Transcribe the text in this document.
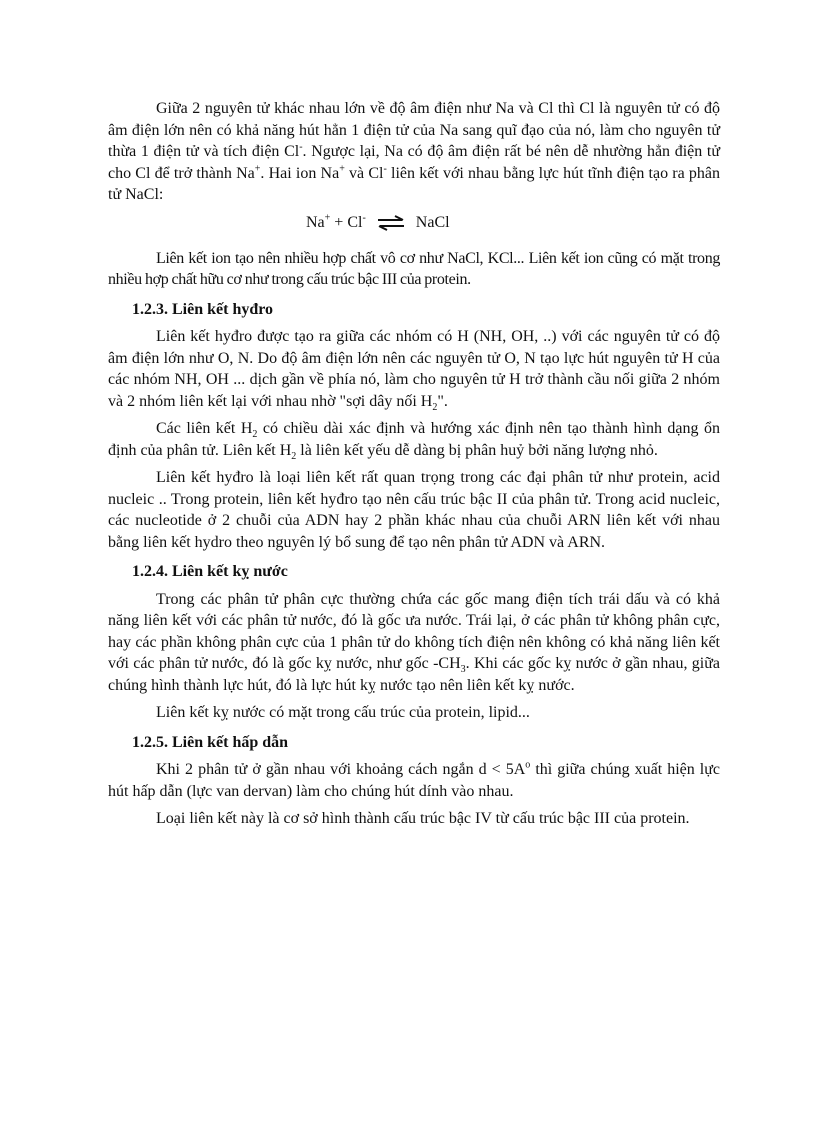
Giữa 2 nguyên tử khác nhau lớn về độ âm điện như Na và Cl thì Cl là nguyên tử có độ âm điện lớn nên có khả năng hút hẳn 1 điện tử của Na sang quĩ đạo của nó, làm cho nguyên tử thừa 1 điện tử và tích điện Cl-. Ngược lại, Na có độ âm điện rất bé nên dễ nhường hẳn điện tử cho Cl để trở thành Na+. Hai ion Na+ và Cl- liên kết với nhau bằng lực hút tĩnh điện tạo ra phân tử NaCl:

Na+ + Cl- ⇌ NaCl

Liên kết ion tạo nên nhiều hợp chất vô cơ như NaCl, KCl... Liên kết ion cũng có mặt trong nhiều hợp chất hữu cơ như trong cấu trúc bậc III của protein.

1.2.3. Liên kết hyđro

Liên kết hyđro được tạo ra giữa các nhóm có H (NH, OH, ..) với các nguyên tử có độ âm điện lớn như O, N. Do độ âm điện lớn nên các nguyên tử O, N tạo lực hút nguyên tử H của các nhóm NH, OH ... dịch gần về phía nó, làm cho nguyên tử H trở thành cầu nối giữa 2 nhóm và 2 nhóm liên kết lại với nhau nhờ "sợi dây nối $H_2$".

Các liên kết $H_2$ có chiều dài xác định và hướng xác định nên tạo thành hình dạng ổn định của phân tử. Liên kết $H_2$ là liên kết yếu dễ dàng bị phân huỷ bởi năng lượng nhỏ.

Liên kết hyđro là loại liên kết rất quan trọng trong các đại phân tử như protein, acid nucleic .. Trong protein, liên kết hyđro tạo nên cấu trúc bậc II của phân tử. Trong acid nucleic, các nucleotide ở 2 chuỗi của ADN hay 2 phần khác nhau của chuỗi ARN liên kết với nhau bằng liên kết hydro theo nguyên lý bổ sung để tạo nên phân tử ADN và ARN.

1.2.4. Liên kết kỵ nước

Trong các phân tử phân cực thường chứa các gốc mang điện tích trái dấu và có khả năng liên kết với các phân tử nước, đó là gốc ưa nước. Trái lại, ở các phân tử không phân cực, hay các phần không phân cực của 1 phân tử do không tích điện nên không có khả năng liên kết với các phân tử nước, đó là gốc kỵ nước, như gốc $-CH_3$. Khi các gốc kỵ nước ở gần nhau, giữa chúng hình thành lực hút, đó là lực hút kỵ nước tạo nên liên kết kỵ nước.

Liên kết kỵ nước có mặt trong cấu trúc của protein, lipid...

1.2.5. Liên kết hấp dẫn

Khi 2 phân tử ở gần nhau với khoảng cách ngắn $d < 5A^o$ thì giữa chúng xuất hiện lực hút hấp dẫn (lực van dervan) làm cho chúng hút dính vào nhau.

Loại liên kết này là cơ sở hình thành cấu trúc bậc IV từ cấu trúc bậc III của protein.
